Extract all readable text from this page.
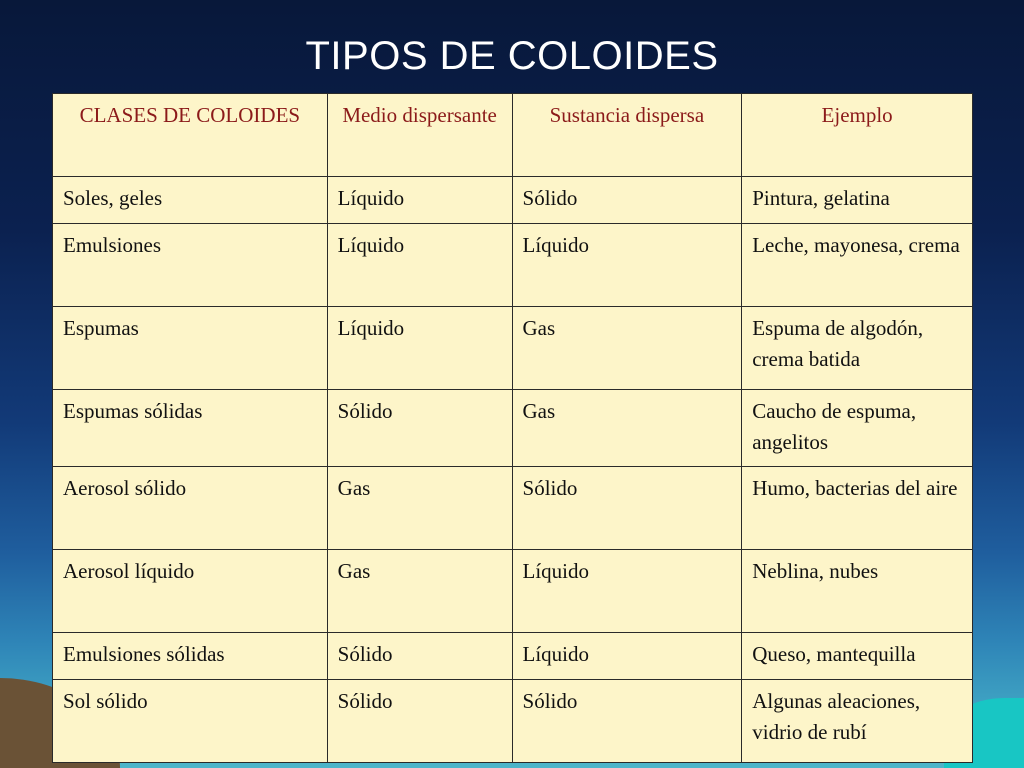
TIPOS DE COLOIDES
CLASES DE COLOIDES	Medio dispersante	Sustancia dispersa	Ejemplo
Soles, geles	Líquido	Sólido	Pintura, gelatina
Emulsiones	Líquido	Líquido	Leche, mayonesa, crema
Espumas	Líquido	Gas	Espuma de algodón, crema batida
Espumas sólidas	Sólido	Gas	Caucho de espuma, angelitos
Aerosol sólido	Gas	Sólido	Humo, bacterias del aire
Aerosol líquido	Gas	Líquido	Neblina, nubes
Emulsiones sólidas	Sólido	Líquido	Queso, mantequilla
Sol sólido	Sólido	Sólido	Algunas aleaciones, vidrio de rubí
